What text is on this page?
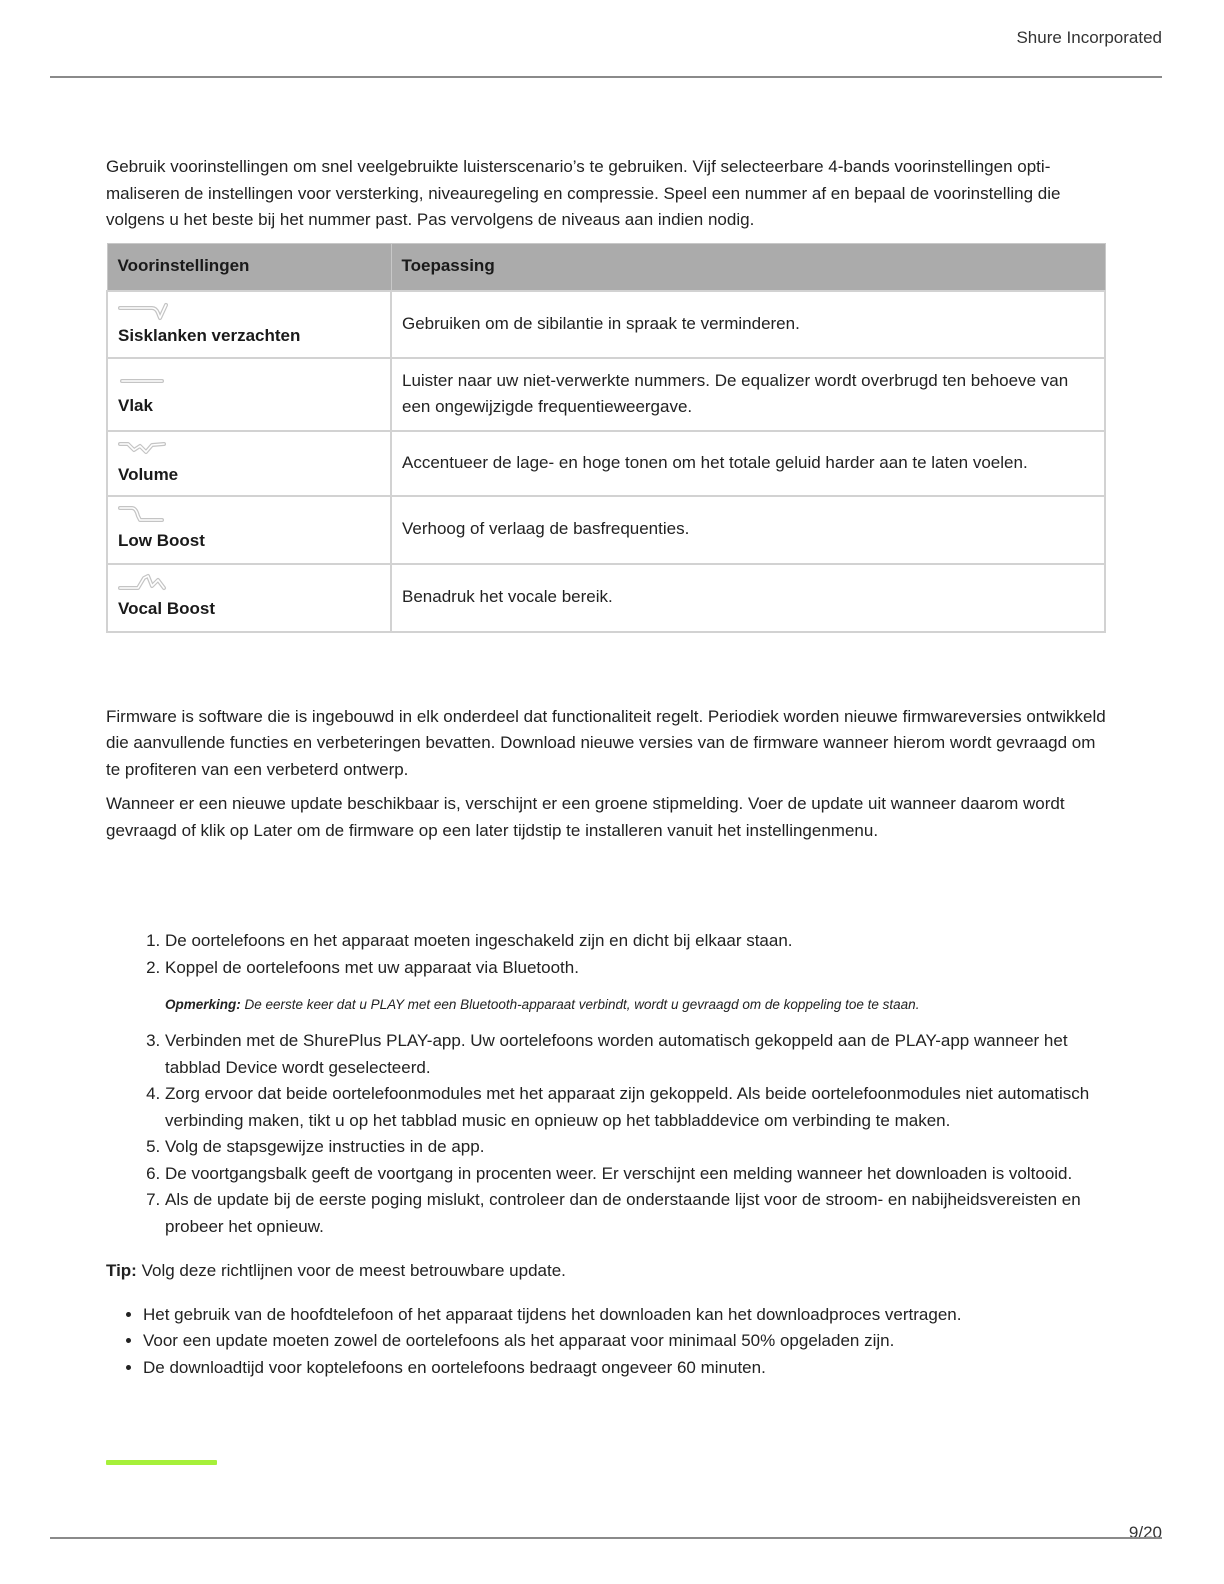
Shure Incorporated

Gebruik voorinstellingen om snel veelgebruikte luisterscenario’s te gebruiken. Vijf selecteerbare 4-bands voorinstellingen optimaliseren de instellingen voor versterking, niveauregeling en compressie. Speel een nummer af en bepaal de voorinstelling die volgens u het beste bij het nummer past. Pas vervolgens de niveaus aan indien nodig.

Voorinstellingen	Toepassing

Sisklanken verzachten	Gebruiken om de sibilantie in spraak te verminderen.

Vlak	Luister naar uw niet-verwerkte nummers. De equalizer wordt overbrugd ten behoeve van een ongewijzigde frequentieweergave.

Volume	Accentueer de lage- en hoge tonen om het totale geluid harder aan te laten voelen.

Low Boost	Verhoog of verlaag de basfrequenties.

Vocal Boost	Benadruk het vocale bereik.

Firmware is software die is ingebouwd in elk onderdeel dat functionaliteit regelt. Periodiek worden nieuwe firmwareversies ontwikkeld die aanvullende functies en verbeteringen bevatten. Download nieuwe versies van de firmware wanneer hierom wordt gevraagd om te profiteren van een verbeterd ontwerp.

Wanneer er een nieuwe update beschikbaar is, verschijnt er een groene stipmelding. Voer de update uit wanneer daarom wordt gevraagd of klik op Later om de firmware op een later tijdstip te installeren vanuit het instellingenmenu.

1. De oortelefoons en het apparaat moeten ingeschakeld zijn en dicht bij elkaar staan.
2. Koppel de oortelefoons met uw apparaat via Bluetooth.
Opmerking: De eerste keer dat u PLAY met een Bluetooth-apparaat verbindt, wordt u gevraagd om de koppeling toe te staan.
3. Verbinden met de ShurePlus PLAY-app. Uw oortelefoons worden automatisch gekoppeld aan de PLAY-app wanneer het tabblad Device wordt geselecteerd.
4. Zorg ervoor dat beide oortelefoonmodules met het apparaat zijn gekoppeld. Als beide oortelefoonmodules niet automatisch verbinding maken, tikt u op het tabblad music en opnieuw op het tabbladdevice om verbinding te maken.
5. Volg de stapsgewijze instructies in de app.
6. De voortgangsbalk geeft de voortgang in procenten weer. Er verschijnt een melding wanneer het downloaden is voltooid.
7. Als de update bij de eerste poging mislukt, controleer dan de onderstaande lijst voor de stroom- en nabijheidsvereisten en probeer het opnieuw.

Tip: Volg deze richtlijnen voor de meest betrouwbare update.

• Het gebruik van de hoofdtelefoon of het apparaat tijdens het downloaden kan het downloadproces vertragen.
• Voor een update moeten zowel de oortelefoons als het apparaat voor minimaal 50% opgeladen zijn.
• De downloadtijd voor koptelefoons en oortelefoons bedraagt ongeveer 60 minuten.
9/20
